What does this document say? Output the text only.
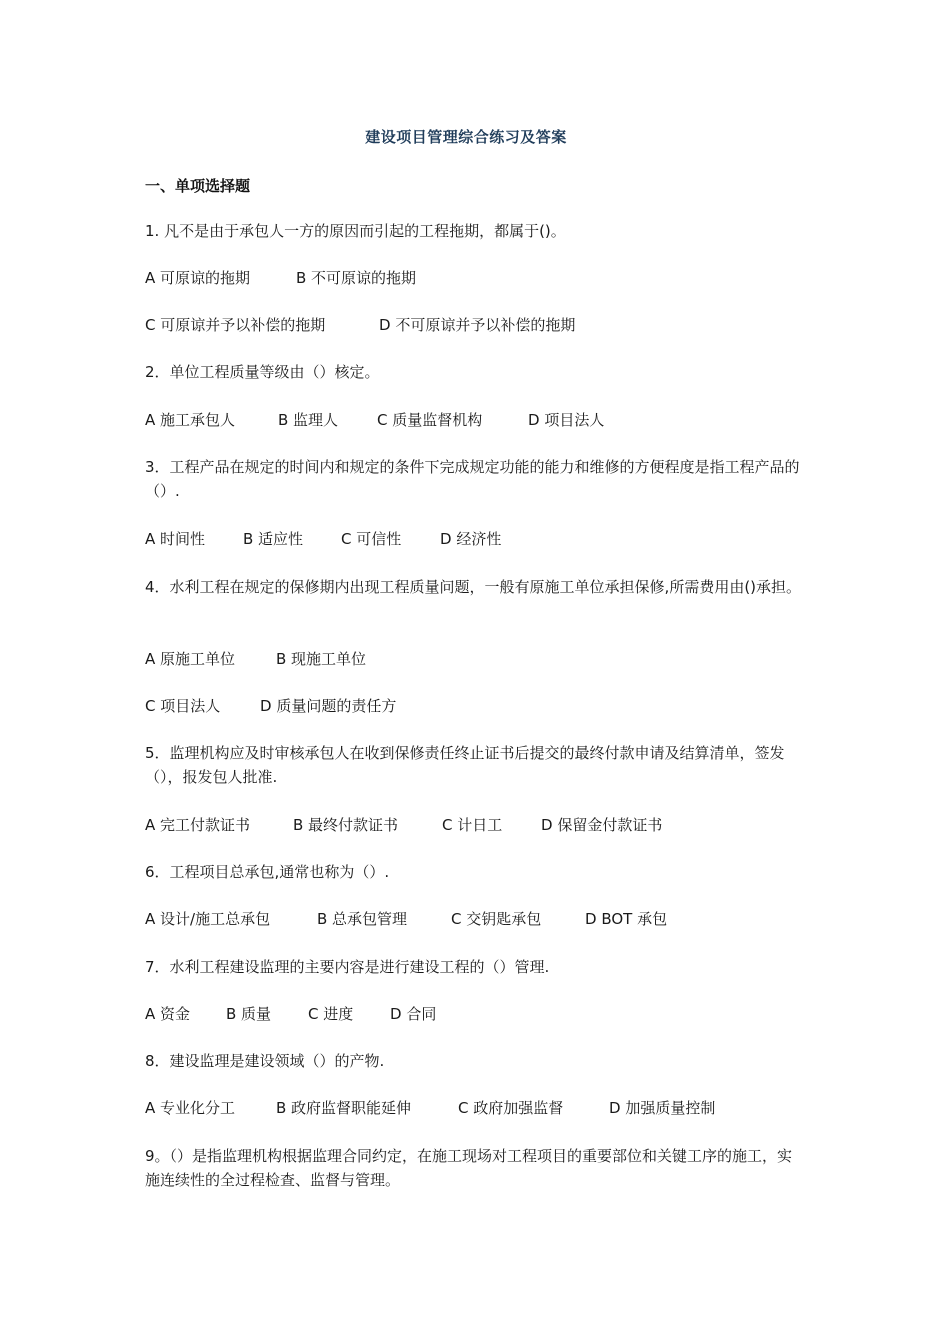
建设项目管理综合练习及答案
一、单项选择题
1. 凡不是由于承包人一方的原因而引起的工程拖期，都属于()。
A 可原谅的拖期	B 不可原谅的拖期
C 可原谅并予以补偿的拖期	D 不可原谅并予以补偿的拖期
2．单位工程质量等级由（）核定。
A 施工承包人	B 监理人	C 质量监督机构	D 项目法人
3．工程产品在规定的时间内和规定的条件下完成规定功能的能力和维修的方便程度是指工程产品的（）.
A 时间性	B 适应性	C 可信性	D 经济性
4．水利工程在规定的保修期内出现工程质量问题，一般有原施工单位承担保修,所需费用由()承担。
A 原施工单位	B 现施工单位
C 项目法人	D 质量问题的责任方
5．监理机构应及时审核承包人在收到保修责任终止证书后提交的最终付款申请及结算清单，签发（），报发包人批准.
A 完工付款证书	B 最终付款证书	C 计日工	D 保留金付款证书
6．工程项目总承包,通常也称为（）.
A 设计/施工总承包	B 总承包管理	C 交钥匙承包	D BOT 承包
7．水利工程建设监理的主要内容是进行建设工程的（）管理.
A 资金 B 质量 C 进度 D 合同
8．建设监理是建设领域（）的产物.
A 专业化分工	B 政府监督职能延伸	C 政府加强监督	D 加强质量控制
9。（）是指监理机构根据监理合同约定，在施工现场对工程项目的重要部位和关键工序的施工，实施连续性的全过程检查、监督与管理。
